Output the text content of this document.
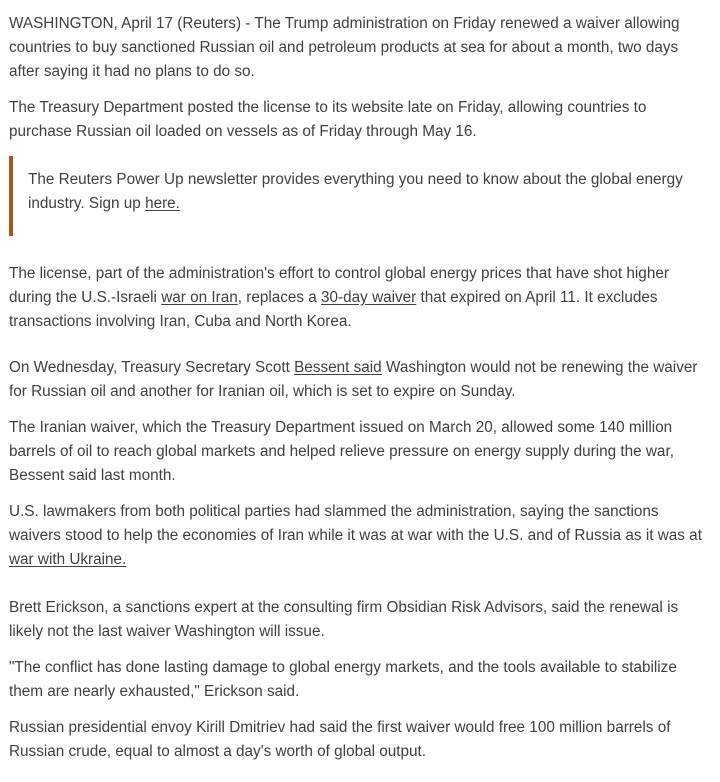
WASHINGTON, April 17 (Reuters) - The Trump administration on Friday renewed a waiver allowing countries to buy sanctioned Russian oil and petroleum products at sea for about a month, two days after saying it had no plans to do so.

The Treasury Department posted the license to its website late on Friday, allowing countries to purchase Russian oil loaded on vessels as of Friday through May 16.

The Reuters Power Up newsletter provides everything you need to know about the global energy industry. Sign up here.

The license, part of the administration's effort to control global energy prices that have shot higher during the U.S.-Israeli war on Iran, replaces a 30-day waiver that expired on April 11. It excludes transactions involving Iran, Cuba and North Korea.

On Wednesday, Treasury Secretary Scott Bessent said Washington would not be renewing the waiver for Russian oil and another for Iranian oil, which is set to expire on Sunday.

The Iranian waiver, which the Treasury Department issued on March 20, allowed some 140 million barrels of oil to reach global markets and helped relieve pressure on energy supply during the war, Bessent said last month.

U.S. lawmakers from both political parties had slammed the administration, saying the sanctions waivers stood to help the economies of Iran while it was at war with the U.S. and of Russia as it was at war with Ukraine.

Brett Erickson, a sanctions expert at the consulting firm Obsidian Risk Advisors, said the renewal is likely not the last waiver Washington will issue.

"The conflict has done lasting damage to global energy markets, and the tools available to stabilize them are nearly exhausted," Erickson said.

Russian presidential envoy Kirill Dmitriev had said the first waiver would free 100 million barrels of Russian crude, equal to almost a day's worth of global output.
